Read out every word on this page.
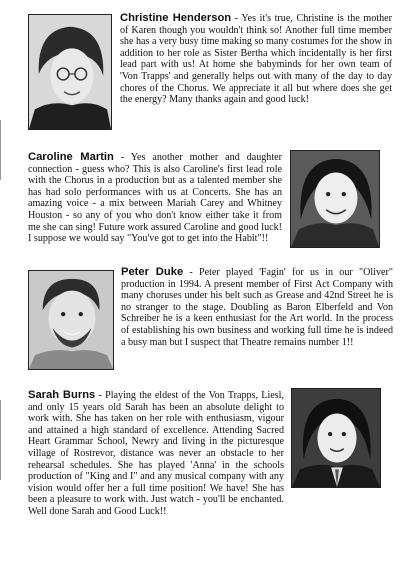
Christine Henderson - Yes it's true, Christine is the mother of Karen though you wouldn't think so! Another full time member she has a very busy time making so many costumes for the show in addition to her role as Sister Bertha which incidentally is her first lead part with us! At home she babyminds for her own team of 'Von Trapps' and generally helps out with many of the day to day chores of the Chorus. We appreciate it all but where does she get the energy? Many thanks again and good luck!

Caroline Martin - Yes another mother and daughter connection - guess who? This is also Caroline's first lead role with the Chorus in a production but as a talented member she has had solo performances with us at Concerts. She has an amazing voice - a mix between Mariah Carey and Whitney Houston - so any of you who don't know either take it from me she can sing! Future work assured Caroline and good luck! I suppose we would say "You've got to get into the Habit"!!

Peter Duke - Peter played 'Fagin' for us in our "Oliver" production in 1994. A present member of First Act Company with many choruses under his belt such as Grease and 42nd Street he is no stranger to the stage. Doubling as Baron Elberfeld and Von Schreiber he is a keen enthusiast for the Art world. In the process of establishing his own business and working full time he is indeed a busy man but I suspect that Theatre remains number 1!!

Sarah Burns - Playing the eldest of the Von Trapps, Liesl, and only 15 years old Sarah has been an absolute delight to work with. She has taken on her role with enthusiasm, vigour and attained a high standard of excellence. Attending Sacred Heart Grammar School, Newry and living in the picturesque village of Rostrevor, distance was never an obstacle to her rehearsal schedules. She has played 'Anna' in the schools production of "King and I" and any musical company with any vision would offer her a full time position! We have! She has been a pleasure to work with. Just watch - you'll be enchanted. Well done Sarah and Good Luck!!
